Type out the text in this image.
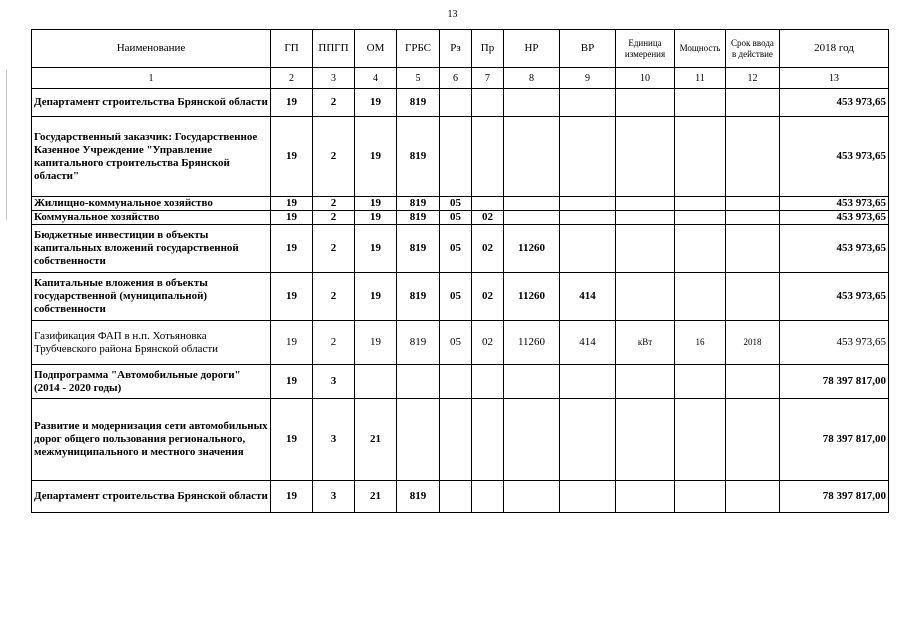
13
Наименование	ГП	ППГП	ОМ	ГРБС	Рз	Пр	НР	ВР	Единица измерения	Мощность	Срок ввода в действие	2018 год
1	2	3	4	5	6	7	8	9	10	11	12	13
Департамент строительства Брянской области	19	2	19	819								453 973,65
Государственный заказчик: Государственное Казенное Учреждение "Управление капитального строительства Брянской области"	19	2	19	819								453 973,65
Жилищно-коммунальное хозяйство	19	2	19	819	05							453 973,65
Коммунальное хозяйство	19	2	19	819	05	02						453 973,65
Бюджетные инвестиции в объекты капитальных вложений государственной собственности	19	2	19	819	05	02	11260					453 973,65
Капитальные вложения в объекты государственной (муниципальной) собственности	19	2	19	819	05	02	11260	414				453 973,65
Газификация ФАП в н.п. Хотьяновка Трубчевского района Брянской области	19	2	19	819	05	02	11260	414	кВт	16	2018	453 973,65
Подпрограмма "Автомобильные дороги" (2014 - 2020 годы)	19	3										78 397 817,00
Развитие и модернизация сети автомобильных дорог общего пользования регионального, межмуниципального и местного значения	19	3	21									78 397 817,00
Департамент строительства Брянской области	19	3	21	819								78 397 817,00
